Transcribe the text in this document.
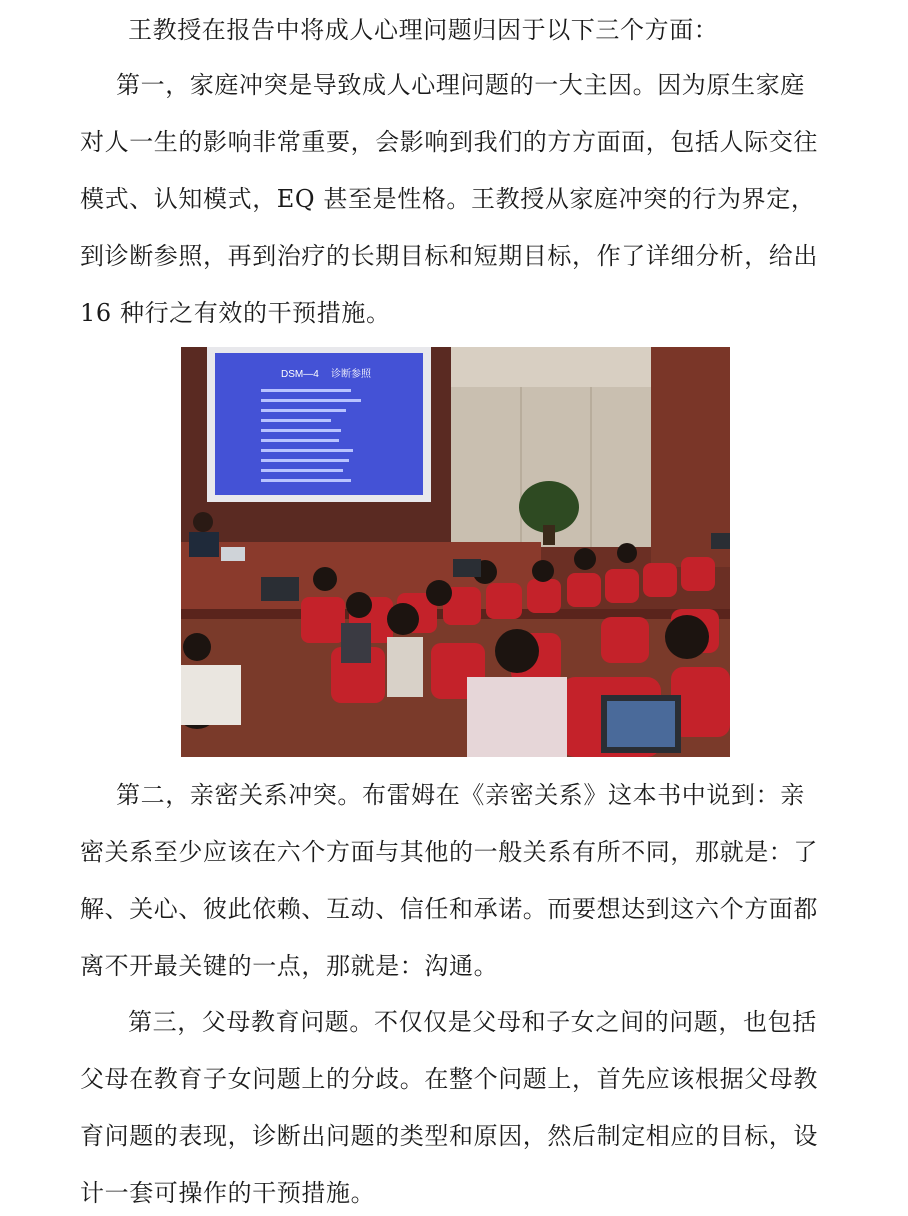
王教授在报告中将成人心理问题归因于以下三个方面：
第一，家庭冲突是导致成人心理问题的一大主因。因为原生家庭
对人一生的影响非常重要，会影响到我们的方方面面，包括人际交往
模式、认知模式，EQ 甚至是性格。王教授从家庭冲突的行为界定，
到诊断参照，再到治疗的长期目标和短期目标，作了详细分析，给出
16 种行之有效的干预措施。
DSM—4 诊断参照
第二，亲密关系冲突。布雷姆在《亲密关系》这本书中说到：亲
密关系至少应该在六个方面与其他的一般关系有所不同，那就是：了
解、关心、彼此依赖、互动、信任和承诺。而要想达到这六个方面都
离不开最关键的一点，那就是：沟通。
第三，父母教育问题。不仅仅是父母和子女之间的问题，也包括
父母在教育子女问题上的分歧。在整个问题上，首先应该根据父母教
育问题的表现，诊断出问题的类型和原因，然后制定相应的目标，设
计一套可操作的干预措施。
